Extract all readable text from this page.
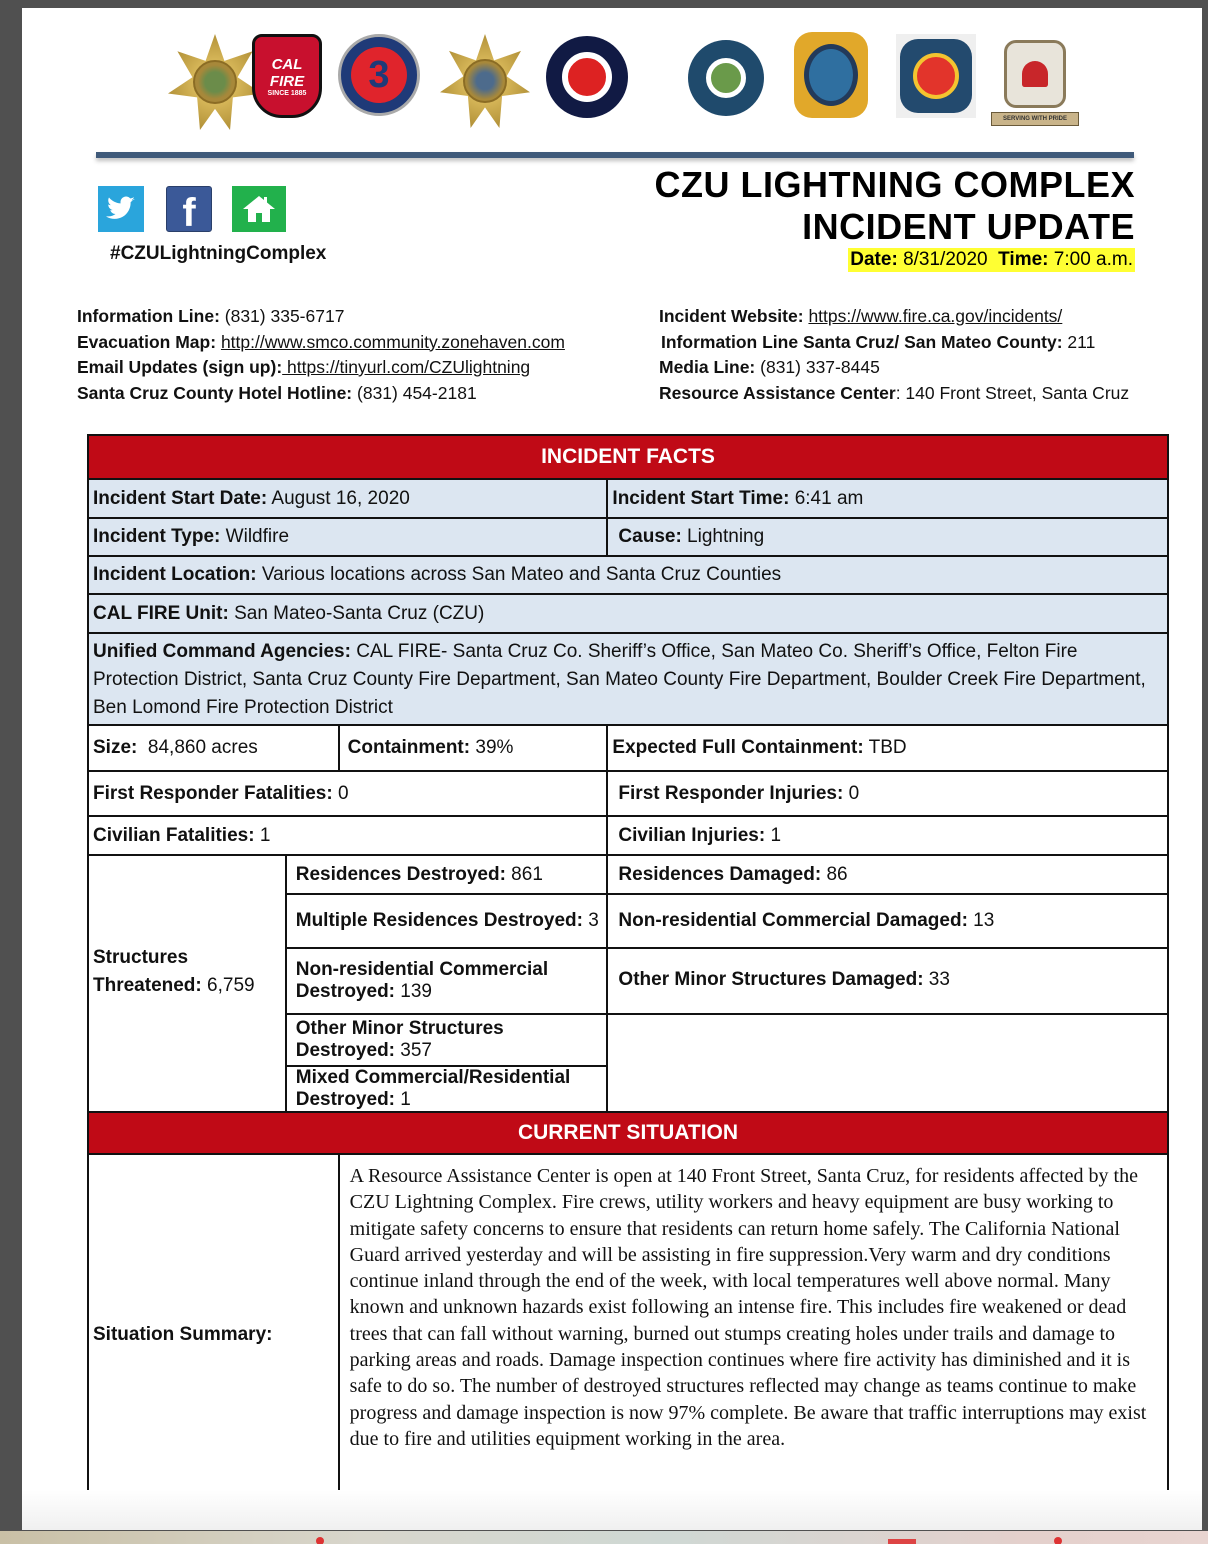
CAL FIRE
SINCE 1885	3
SERVING WITH PRIDE
f
#CZULightningComplex
CZU LIGHTNING COMPLEX
INCIDENT UPDATE
Date: 8/31/2020 Time: 7:00 a.m.
Information Line: (831) 335-6717
Evacuation Map: http://www.smco.community.zonehaven.com
Email Updates (sign up): https://tinyurl.com/CZUlightning
Santa Cruz County Hotel Hotline: (831) 454-2181
Incident Website: https://www.fire.ca.gov/incidents/
Information Line Santa Cruz/ San Mateo County: 211
Media Line: (831) 337-8445
Resource Assistance Center: 140 Front Street, Santa Cruz
INCIDENT FACTS			
Incident Start Date: August 16, 2020			Incident Start Time: 6:41 am
Incident Type: Wildfire			Cause: Lightning
Incident Location: Various locations across San Mateo and Santa Cruz Counties			
CAL FIRE Unit: San Mateo-Santa Cruz (CZU)			
Unified Command Agencies: CAL FIRE- Santa Cruz Co. Sheriff’s Office, San Mateo Co. Sheriff’s Office, Felton Fire Protection District, Santa Cruz County Fire Department, San Mateo County Fire Department, Boulder Creek Fire Department, Ben Lomond Fire Protection District			
Size:  84,860 acres		Containment: 39%	Expected Full Containment: TBD
First Responder Fatalities: 0			First Responder Injuries: 0
Civilian Fatalities: 1			Civilian Injuries: 1
Structures
Threatened: 6,759	Residences Destroyed: 861		Residences Damaged: 86
	Multiple Residences Destroyed: 3		Non-residential Commercial Damaged: 13
	Non-residential Commercial Destroyed: 139		Other Minor Structures Damaged: 33
	Other Minor Structures Destroyed: 357		
	Mixed Commercial/Residential Destroyed: 1		
CURRENT SITUATION			
Situation Summary:		A Resource Assistance Center is open at 140 Front Street, Santa Cruz, for residents affected by the CZU Lightning Complex. Fire crews, utility workers and heavy equipment are busy working to mitigate safety concerns to ensure that residents can return home safely. The California National Guard arrived yesterday and will be assisting in fire suppression.Very warm and dry conditions continue inland through the end of the week, with local temperatures well above normal. Many known and unknown hazards exist following an intense fire. This includes fire weakened or dead trees that can fall without warning, burned out stumps creating holes under trails and damage to parking areas and roads. Damage inspection continues where fire activity has diminished and it is safe to do so. The number of destroyed structures reflected may change as teams continue to make progress and damage inspection is now 97% complete. Be aware that traffic interruptions may exist due to fire and utilities equipment working in the area.	
